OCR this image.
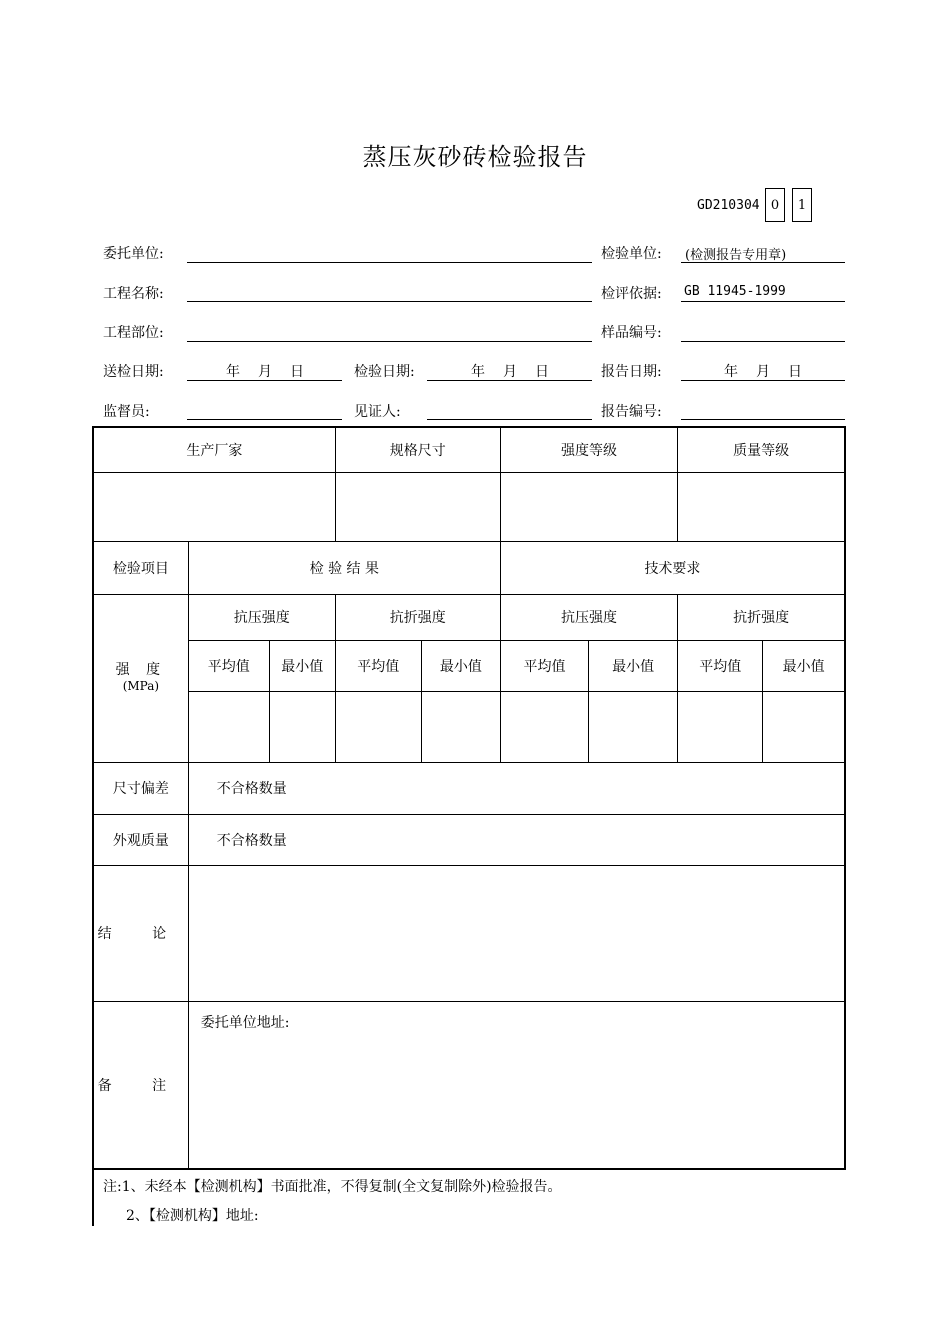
蒸压灰砂砖检验报告
GD210304 0	1
委托单位:	检验单位: (检测报告专用章)
工程名称:	检评依据: GB 11945-1999
工程部位:	样品编号:
送检日期:	年 月 日	检验日期:	年 月 日	报告日期:	年 月 日
监督员:	见证人:	报告编号:
生产厂家			规格尺寸		强度等级		质量等级	

检验项目	检 验 结 果				技术要求			

强 度
(MPa)	抗压强度		抗折强度		抗压强度		抗折强度	
	平均值	最小值	平均值	最小值	平均值	最小值	平均值	最小值

尺寸偏差	不合格数量							
外观质量	不合格数量							
结 论								
备 注	委托单位地址:							
注:1、未经本【检测机构】书面批准，不得复制(全文复制除外)检验报告。
2、【检测机构】地址:
